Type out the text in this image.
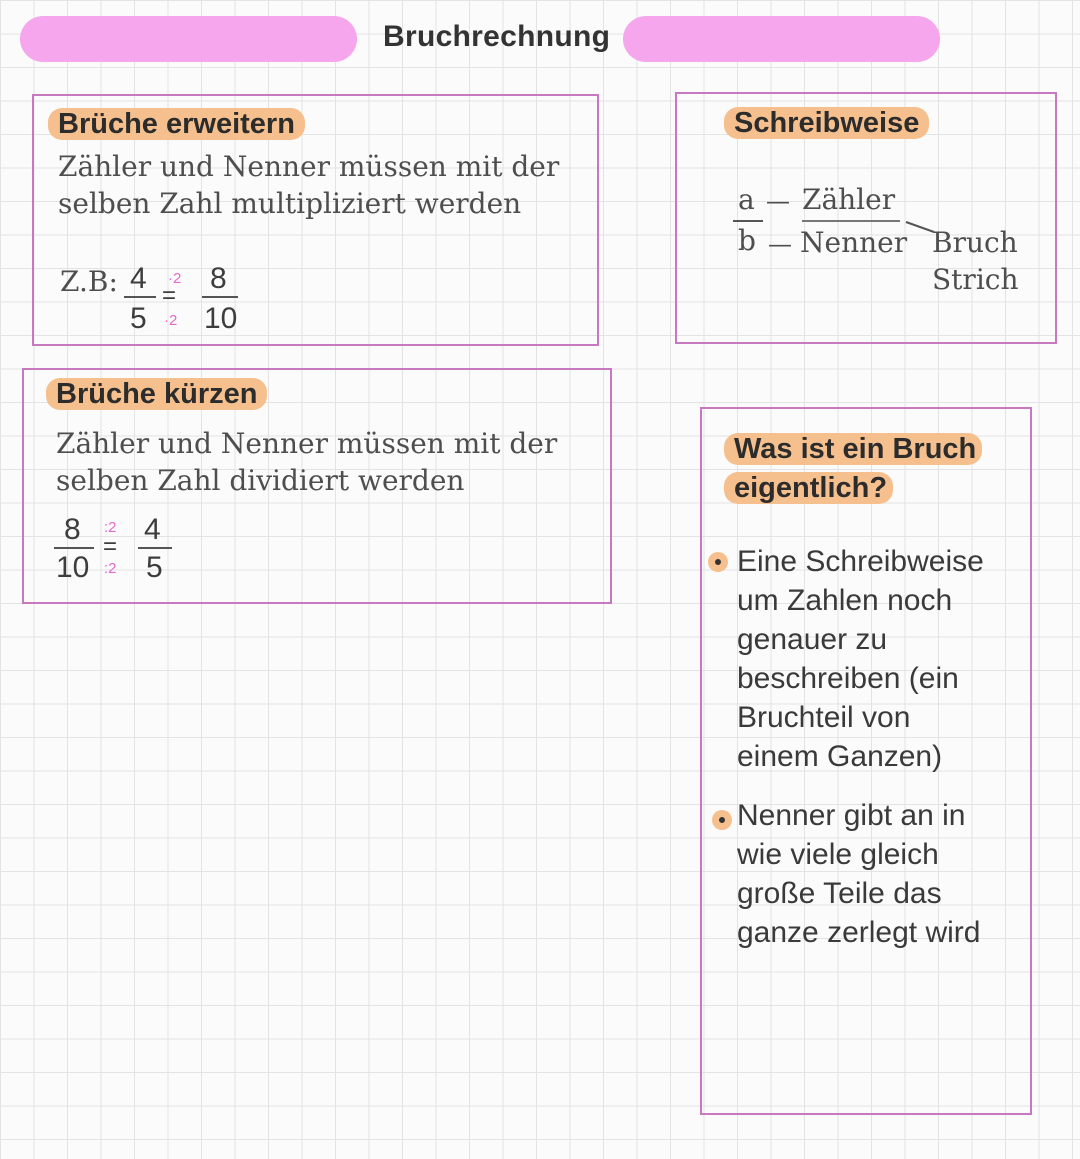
Bruchrechnung
Brüche erweitern
Zähler und Nenner müssen mit der
selben Zahl multipliziert werden
Z.B: 4
5
·2
=
·2
8
10
Brüche kürzen
Zähler und Nenner müssen mit der
selben Zahl dividiert werden
8
10
:2
=
:2
4
5
Schreibweise
a — Zähler
b — Nenner Bruch
Strich
Was ist ein Bruch
eigentlich?
Eine Schreibweise
um Zahlen noch
genauer zu
beschreiben (ein
Bruchteil von
einem Ganzen)
Nenner gibt an in
wie viele gleich
große Teile das
ganze zerlegt wird
